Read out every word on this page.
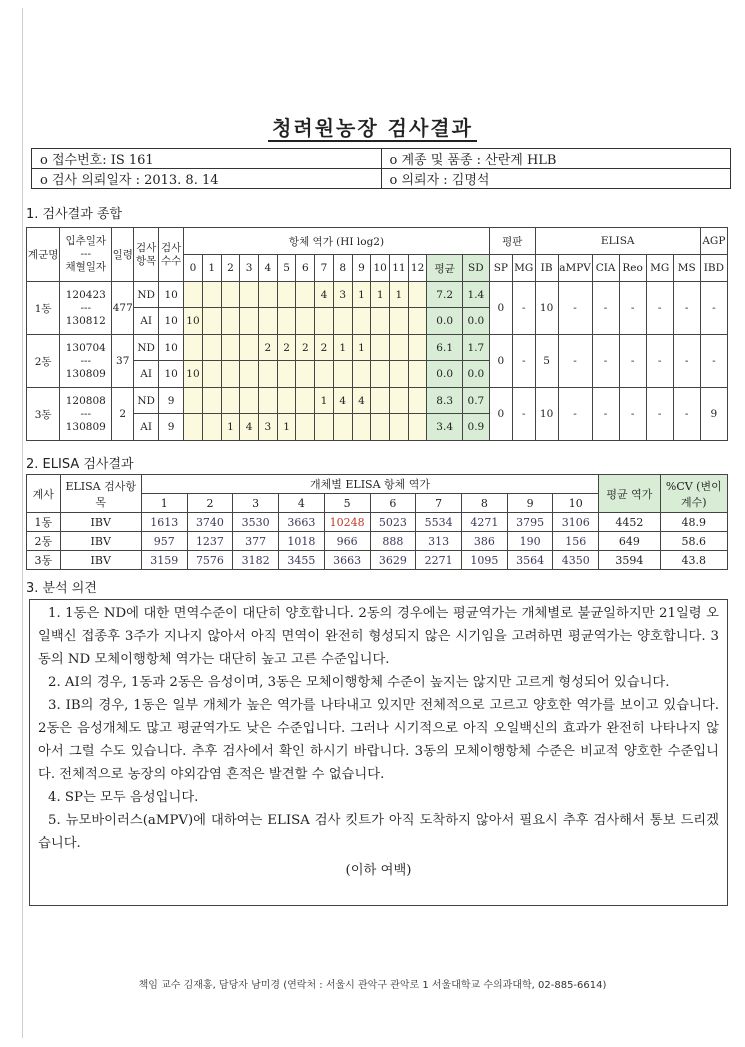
청려원농장 검사결과
o 접수번호: IS 161	o 계종 및 품종 : 산란계 HLB
o 검사 의뢰일자 : 2013. 8. 14	o 의뢰자 : 김명석
1. 검사결과 종합
계군명	입추일자
---
채혈일자	일령	검사 항목	검사 수수	항체 역가 (HI log2)															평판		ELISA						AGP
					0	1	2	3	4	5	6	7	8	9	10	11	12	평균	SD	SP	MG	IB	aMPV	CIA	Reo	MG	MS	IBD
1동	120423
---
130812	477	ND	10								4	3	1	1	1		7.2	1.4	0	-	10	-	-	-	-	-	-
			AI	10	10													0.0	0.0									
2동	130704
---
130809	37	ND	10					2	2	2	2	1	1				6.1	1.7	0	-	5	-	-	-	-	-	-
			AI	10	10													0.0	0.0									
3동	120808
---
130809	2	ND	9								1	4	4				8.3	0.7	0	-	10	-	-	-	-	-	9
			AI	9			1	4	3	1								3.4	0.9									
2. ELISA 검사결과
계사	ELISA 검사항목	개체별 ELISA 항체 역가										평균 역가	%CV (변이계수)
		1	2	3	4	5	6	7	8	9	10		
1동	IBV	1613	3740	3530	3663	10248	5023	5534	4271	3795	3106	4452	48.9
2동	IBV	957	1237	377	1018	966	888	313	386	190	156	649	58.6
3동	IBV	3159	7576	3182	3455	3663	3629	2271	1095	3564	4350	3594	43.8
3. 분석 의견

1. 1동은 ND에 대한 면역수준이 대단히 양호합니다. 2동의 경우에는 평균역가는 개체별로 불균일하지만 21일령 오일백신 접종후 3주가 지나지 않아서 아직 면역이 완전히 형성되지 않은 시기임을 고려하면 평균역가는 양호합니다. 3동의 ND 모체이행항체 역가는 대단히 높고 고른 수준입니다.

2. AI의 경우, 1동과 2동은 음성이며, 3동은 모체이행항체 수준이 높지는 않지만 고르게 형성되어 있습니다.

3. IB의 경우, 1동은 일부 개체가 높은 역가를 나타내고 있지만 전체적으로 고르고 양호한 역가를 보이고 있습니다. 2동은 음성개체도 많고 평균역가도 낮은 수준입니다. 그러나 시기적으로 아직 오일백신의 효과가 완전히 나타나지 않아서 그럴 수도 있습니다. 추후 검사에서 확인 하시기 바랍니다. 3동의 모체이행항체 수준은 비교적 양호한 수준입니다. 전체적으로 농장의 야외감염 흔적은 발견할 수 없습니다.

4. SP는 모두 음성입니다.

5. 뉴모바이러스(aMPV)에 대하여는 ELISA 검사 킷트가 아직 도착하지 않아서 필요시 추후 검사해서 통보 드리겠습니다.

(이하 여백)
책임 교수 김재홍, 담당자 남미경 (연락처 : 서울시 관악구 관악로 1 서울대학교 수의과대학, 02-885-6614)
